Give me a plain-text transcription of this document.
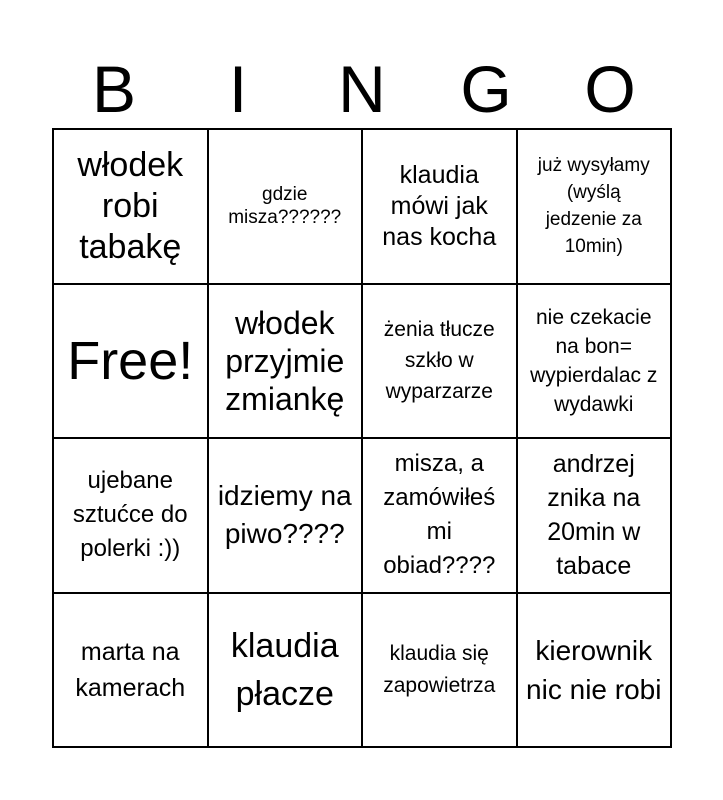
B	I	N	G	O
włodek robi tabakę
gdzie misza??????
klaudia mówi jak nas kocha
już wysyłamy (wyślą jedzenie za 10min)
Free!
włodek przyjmie zmiankę
żenia tłucze szkło w wyparzarze
nie czekacie na bon= wypierdalac z wydawki
ujebane sztućce do polerki :))
idziemy na piwo????
misza, a zamówiłeś mi obiad????
andrzej znika na 20min w tabace
marta na kamerach
klaudia płacze
klaudia się zapowietrza
kierownik nic nie robi
